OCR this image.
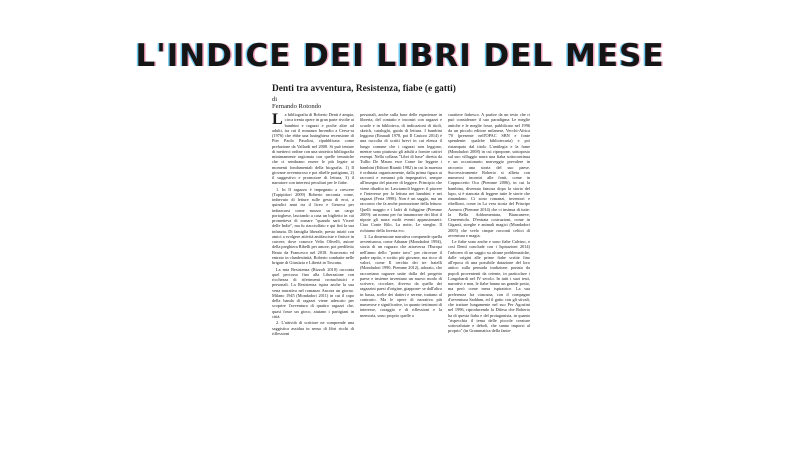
L'INDICE DEI LIBRI DEL MESE
Denti tra avventura, Resistenza, fiabe (e gatti)
di
Fernando Rotondo

La bibliografia di Roberto Denti è ampia, circa trenta opere in gran parte rivolte ai bambini e ragazzi e poche altre ad adulti, tra cui il romanzo Incendio a Cerva-ra (1976) che ebbe una lusinghiera recensione di Pier Paolo Pasolini, ripubblicata come prefazione da Vallardi nel 2008. Si può tentare di metterci ordine con una sintetica bibliografia minimamente ragionata con quelle tematiche che ci sembrano essere le più legate ai momenti fondamentali della biografia. 1) Il giovane avventuroso e poi ribelle partigiano, 2) il suggestivo e promotore di lettura, 3) il narratore con interessi peculiari per le fiabe.

1. In Il ragazzo è impegnato a crescere (Topipittori 2009) Roberto racconta come, imbevuto di letture sulle gesta di eroi, a quindici anni tra il liceo e Genova per imbarcarsi come mozzo su un cargo portoghese, lasciando a casa un biglietto in cui prometteva di tornare "quando sarò Vicerè delle Indie", ma fu riacciuffato e qui finì la sua infanzia. Di famiglia liberale, presto iniziò con amici a svolgere attività antifasciste e finisce in carcere, dove conosce Velio Olivelli, autore della preghiera Ribelli per amore, poi prediletto Beato da Francesco nel 2018. Scarcerato ed entrato in clandestinità, Roberto combatte nelle brigate di Giustizia e Libertà in Toscana.

La mia Resistenza (Rizzoli 2010) racconta quel percorso fino alla Liberazione con ricchezza di riferimenti cronachistici e personali. La Resistenza ispira anche la sua vena narrativa nel romanzo Ancora un giorno. Milano 1945 (Mondadori 2011) in cui il capo della banda di ragazzi viene adescato per scoprire l'avventura di quattro ragazzi che, quasi fosse un gioco, aiutano i partigiani in città.

2. L'attività di scrittore ne comprende una saggistica assidua in senso di libri ricchi di riflessioni

personali, anche sulla base delle esperienze in libreria, del contatto e incontri con ragazzi e scuole e in biblioteca, di indicazioni di titoli, sketch, cataloghi, guida di lettura. I bambini leggono (Einaudi 1978, poi Il Castoro 2014) è una raccolta di scritti brevi in cui elenca il lungo comune che i ragazzi non leggono, mentre sono piuttosto gli adulti a fornire cattivi esempi. Nella collana "Libri di base" diretta da Tullio De Mauro esce Come far leggere i bambini (Editori Riuniti 1982) in cui la maestra è ordinata organicamente, dalla prima figura ai racconti e romanzi più impegnativi, sempre all'insegna del piacere di leggere. Principio che viene ribadito in: Lasciamoli leggere: il piacere e l'interesse per la lettura nei bambini e nei ragazzi (Feria 1998). Non è un saggio, ma un racconto che fa anche promozione della lettura: Quelli maggio e i ladri di fuliggine (Piemme 2009): un nonno per far innamorare dei libri il nipote gli narra molti eventi appassionanti: Ciao Conte Rilo, La notte, Le streghe, Il richiamo della foresta ecc.

3. La dimensione narrativa comprende quella avventurosa, come Athanar (Mondadori 1994), storia di un ragazzo che attraversa l'Europa nell'anno dello "ponte tavo" per ritrovare il padre rapito, e scritto più giovane, ma ricco di valori, come Il cerchio dei tre fratelli (Mondadori 1990, Piemme 2012), adorato, che raccontano ragazze unite dalla del progetto paese e insieme inventano un nuovo modo di scrivere, circolare, diverso da quello dei ragazzini paesi d'origine, giappone- se dall'altro in bassa, scelte dei datteri e serene, trattano al contrario. Ma le opere di narrativa più numerose e significative, in quanto testimoni di interesse, coraggio e di riflessioni e la memoria, sono proprio quelle a

carattere fiabesco. A partire da un testo che ri può considerare il suo paradigma Le meglie antiche e le meglie fosse, pubblicato nel 1996 da un piccolo editore milanese, Vecchi-Africa '70 (presente nell'OPAC SBN e fonte spendente: qualche bibliotecaria) e poi ristampato dal titolo L'antilegia e la fame (Mondadori 2008) in cui ripropone, sottoposto sul suo villaggio narra una fiaba sottocontinua e un occasionario nonveggio prevalere in racconto una storia del suo paese. Successivamente Roberto si allieta con numerosi incontri alle fonti, come in Cappuccetto Oca (Piemme 2006), in cui la bambina, divenuta famosa dopo la storia del lupo, si è stancata di leggere tutte le storie che rimandano. Ci sono romanzi, inventori e ribellioni, come in La vera storia del Principe Azzurro (Piemme 2014) che ci insinua di tutte: la Bella Addormentata, Biancaneve, Cenerentola. D'entrata costruzioni, come in Giganti, streghe e animali magici (Mondadori 2005) che svelo cinque racconti celtici di avventura e magia.

Le fiabe sono anche e sono fiabe Calvino, e così Denti conclude con i Ispirazioni 2014) l'arboreo di un saggio su alcune problematiche, dalle origini alle prime fiabe scritte fino all'epoca di una possibile datazione del loro antico sulla pensada tradizione portata da popoli provenienti da oriente, in particolare i Longobardi nel IV secolo. In tutti i suoi testi, narrativi e non, le fiabe hanno un grande posto, ma però come mera ispiratrice. La sua preferenza fra ciascuna, con il compagno d'avventura Saddam, ed il gatto con gli stivali, che trattare lungamente nel suo Per Agostini nel 1996, riproducendo la Difesa che Roberto ha di questa fiaba e del protagonista, in quanto "rispecchia il tema delle piccole creature sottovalutate e deboli, che sanno imporsi al proprio" (in Grammatica della fanta-
